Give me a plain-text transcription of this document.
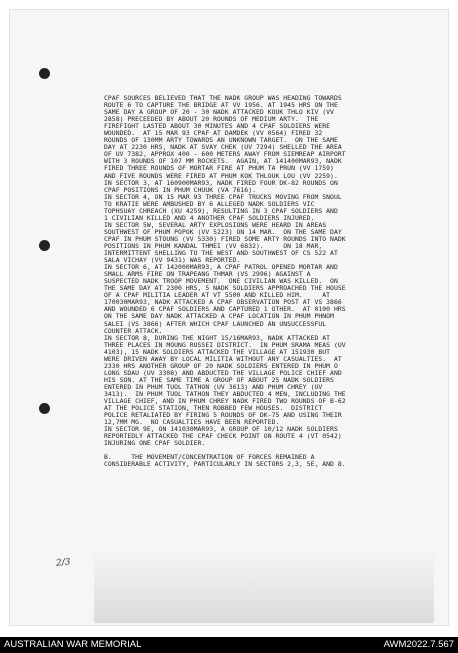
CPAF SOURCES BELIEVED THAT THE NADK GROUP WAS HEADING TOWARDS
ROUTE 6 TO CAPTURE THE BRIDGE AT VV 1956. AT 1945 HRS ON THE
SAME DAY A GROUP OF 20 - 30 NADK ATTACKED KOUK THLO KIV (VV
2858) PRECEEDED BY ABOUT 20 ROUNDS OF MEDIUM ARTY.  THE
FIREFIGHT LASTED ABOUT 30 MINUTES AND 4 CPAF SOLDIERS WERE
WOUNDED.  AT 15 MAR 93 CPAF AT DAMDEK (VV 0564) FIRED 32
ROUNDS OF 130MM ARTY TOWARDS AN UNKNOWN TARGET.  ON THE SAME
DAY AT 2230 HRS, NADK AT SVAY CHEK (UV 7294) SHELLED THE AREA
OF UV 7382, APPROX 400 - 600 METERS AWAY FROM SIEMREAP AIRPORT
WITH 3 ROUNDS OF 107 MM ROCKETS.  AGAIN, AT 141400MAR93, NADK
FIRED THREE ROUNDS OF MORTAR FIRE AT PHUM TA PRUN (VV 1759)
AND FIVE ROUNDS WERE FIRED AT PHUM KOK THLOUK LOU (VV 2259).
IN SECTOR 3, AT 160900MAR93, NADK FIRED FOUR DK-82 ROUNDS ON
CPAF POSITIONS IN PHUM CHUUK (VA 7616).
IN SECTOR 4, ON 15 MAR 93 THREE CPAF TRUCKS MOVING FROM SNOUL
TO KRATIE WERE AMBUSHED BY 6 ALLEGED NADK SOLDIERS VIC
TOPHSUAY CHREACH (XU 4259), RESULTING IN 3 CPAF SOLDIERS AND
1 CIVILIAN KILLED AND 4 ANOTHER CPAF SOLDIERS INJURED.
IN SECTOR 5W, SEVERAL ARTY EXPLOSIONS WERE HEARD IN AREAS
SOUTHWEST OF PHUM POPOK (VV 5223) ON 14 MAR.  ON THE SAME DAY
CPAF IN PHUM STOUNG (VV 5330) FIRED SOME ARTY ROUNDS INTO NADK
POSITIONS IN PHUM KANDAL THMEI (VV 6832).     ON 18 MAR,
INTERMITTENT SHELLING TO THE WEST AND SOUTHWEST OF CS 522 AT
SALA VICHAY (VV 9431) WAS REPORTED.
IN SECTOR 6, AT 142000MAR93, A CPAF PATROL OPENED MORTAR AND
SMALL ARMS FIRE ON TRAPEANG THMAR (VS 2996) AGAINST A
SUSPECTED NADK TROOP MOVEMENT.  ONE CIVILIAN WAS KILLED.  ON
THE SAME DAY AT 2300 HRS, 5 NADK SOLDIERS APPROACHED THE HOUSE
OF A CPAF MILITIA LEADER AT VT 5500 AND KILLED HIM.     AT
170030MAR93, NADK ATTACKED A CPAF OBSERVATION POST AT VS 3866
AND WOUNDED 6 CPAF SOLDIERS AND CAPTURED 1 OTHER.  AT 0100 HRS
ON THE SAME DAY NADK ATTACKED A CPAF LOCATION IN PHUM PHNOM
SALEI (VS 3866) AFTER WHICH CPAF LAUNCHED AN UNSUCCESSFUL
COUNTER ATTACK.
IN SECTOR 8, DURING THE NIGHT 15/16MAR93, NADK ATTACKED AT
THREE PLACES IN MOUNG RUSSEI DISTRICT.  IN PHUM SRAMA MEAS (UV
4103), 15 NADK SOLDIERS ATTACKED THE VILLAGE AT 151930 BUT
WERE DRIVEN AWAY BY LOCAL MILITIA WITHOUT ANY CASUALTIES.  AT
2330 HRS ANOTHER GROUP OF 20 NADK SOLDIERS ENTERED IN PHUM O
LONG SDAU (UV 3308) AND ABDUCTED THE VILLAGE POLICE CHIEF AND
HIS SON. AT THE SAME TIME A GROUP OF ABOUT 25 NADK SOLDIERS
ENTERED IN PHUM TUOL TATHON (UV 3613) AND PHUM CHREY (UV
3413).  IN PHUM TUOL TATHON THEY ABDUCTED 4 MEN, INCLUDING THE
VILLAGE CHIEF, AND IN PHUM CHREY NADK FIRED TWO ROUNDS OF B-62
AT THE POLICE STATION, THEN ROBBED FEW HOUSES.  DISTRICT
POLICE RETALIATED BY FIRING 5 ROUNDS OF DK-75 AND USING THEIR
12,7MM MG.  NO CASUALTIES HAVE BEEN REPORTED.
IN SECTOR 9E, ON 141030MAR93, A GROUP OF 10/12 NADK SOLDIERS
REPORTEDLY ATTACKED THE CPAF CHECK POINT ON ROUTE 4 (VT 0542)
INJURING ONE CPAF SOLDIER.

B.     THE MOVEMENT/CONCENTRATION OF FORCES REMAINED A
CONSIDERABLE ACTIVITY, PARTICULARLY IN SECTORS 2,3, 5E, AND 8.
2/3
AUSTRALIAN WAR MEMORIAL	AWM2022.7.567
